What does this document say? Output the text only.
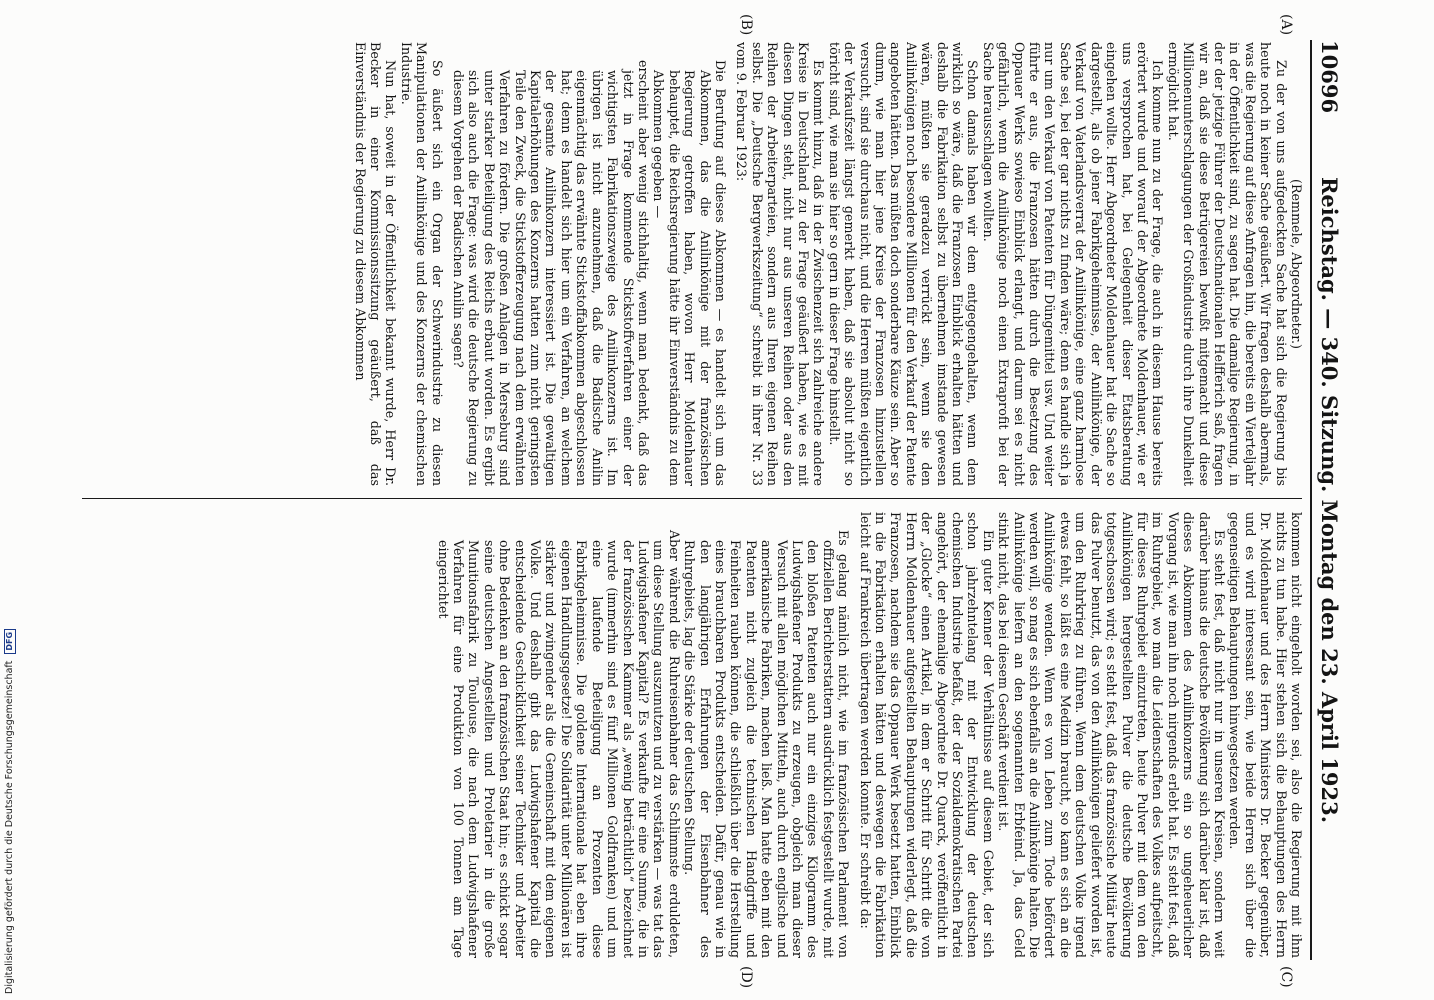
10696
Reichstag. — 340. Sitzung. Montag den 23. April 1923.
(A)
(B)
(C)
(D)

(Remmele, Abgeordneter.)

Zu der von uns aufgedeckten Sache hat sich die Regierung bis heute noch in keiner Sache geäußert. Wir fragen deshalb abermals, was die Regierung auf diese Anfragen hin, die bereits ein Vierteljahr in der Öffentlichkeit sind, zu sagen hat. Die damalige Regierung, in der der jetzige Führer der Deutschnationalen Helfferich saß, fragen wir an, daß sie diese Betrügereien bewußt mitgemacht und diese Millionenunterschlagungen der Großindustrie durch ihre Dunkelheit ermöglicht hat.

Ich komme nun zu der Frage, die auch in diesem Hause bereits erörtert wurde und worauf der Abgeordnete Moldenhauer, wie er uns versprochen hat, bei Gelegenheit dieser Etatsberatung eingehen wollte. Herr Abgeordneter Moldenhauer hat die Sache so dargestellt, als ob jener Fabrikgeheimnisse, der Anilinkönige, der Verkauf von Vaterlandsverrat der Anilinkönige, eine ganz harmlose Sache sei, bei der gar nichts zu finden wäre; denn es handle sich ja nur um den Verkauf von Patenten für Düngemittel usw. Und weiter führte er aus, die Franzosen hätten durch die Besetzung des Oppauer Werks sowieso Einblick erlangt, und darum sei es nicht gefährlich, wenn die Anilinkönige noch einen Extraprofit bei der Sache herausschlagen wollten.

Schon damals haben wir dem entgegengehalten, wenn dem wirklich so wäre, daß die Franzosen Einblick erhalten hätten und deshalb die Fabrikation selbst zu übernehmen imstande gewesen wären, müßten sie geradezu verrückt sein, wenn sie den Anilinkönigen noch besondere Millionen für den Verkauf der Patente angeboten hätten. Das müßten doch sonderbare Käuze sein. Aber so dumm, wie man hier jene Kreise der Franzosen hinzustellen versucht, sind sie durchaus nicht, und die Herren müßten eigentlich der Verkaufszeit längst gemerkt haben, daß sie absolut nicht so töricht sind, wie man sie hier so gern in dieser Frage hinstellt.

Es kommt hinzu, daß in der Zwischenzeit sich zahlreiche andere Kreise in Deutschland zu der Frage geäußert haben, wie es mit diesen Dingen steht, nicht nur aus unseren Reihen oder aus den Reihen der Arbeiterparteien, sondern aus Ihren eigenen Reihen selbst. Die „Deutsche Bergwerkszeitung“ schreibt in ihrer Nr. 33 vom 9. Februar 1923:

Die Berufung auf dieses Abkommen — es handelt sich um das Abkommen, das die Anilinkönige mit der französischen Regierung getroffen haben, wovon Herr Moldenhauer behauptet, die Reichsregierung hätte ihr Einverständnis zu dem Abkommen gegeben —

erscheint aber wenig stichhaltig, wenn man bedenkt, daß das jetzt in Frage kommende Stickstoffverfahren einer der wichtigsten Fabrikationszweige des Anilinkonzerns ist. Im übrigen ist nicht anzunehmen, daß die Badische Anilin eigenmächtig das erwähnte Stickstoffabkommen abgeschlossen hat; denn es handelt sich hier um ein Verfahren, an welchem der gesamte Anilinkonzern interessiert ist. Die gewaltigen Kapitalerhöhungen des Konzerns hatten zum nicht geringsten Teile den Zweck, die Stickstofferzeugung nach dem erwähnten Verfahren zu fördern. Die großen Anlagen in Merseburg sind unter starker Beteiligung des Reichs erbaut worden. Es ergibt sich also auch die Frage: was wird die deutsche Regierung zu diesem Vorgehen der Badischen Anilin sagen?

So äußert sich ein Organ der Schwerindustrie zu diesen Manipulationen der Anilinkönige und des Konzerns der chemischen Industrie.

Nun hat, soweit in der Öffentlichkeit bekannt wurde, Herr Dr. Becker in einer Kommissionssitzung geäußert, daß das Einverständnis der Regierung zu diesem Abkommen

kommen nicht eingeholt worden sei, also die Regierung mit ihm nichts zu tun habe. Hier stehen sich die Behauptungen des Herrn Dr. Moldenhauer und des Herrn Ministers Dr. Becker gegenüber, und es wird interessant sein, wie beide Herren sich über die gegenseitigen Behauptungen hinwegsetzen werden.

Es steht fest, daß nicht nur in unseren Kreisen, sondern weit darüber hinaus die deutsche Bevölkerung sich darüber klar ist, daß dieses Abkommen des Anilinkonzerns ein so ungeheuerlicher Vorgang ist, wie man ihn noch nirgends erlebt hat. Es steht fest, daß im Ruhrgebiet, wo man die Leidenschaften des Volkes aufpeitscht, für dieses Ruhrgebiet einzutreten, heute Pulver mit dem von den Anilinkönigen hergestellten Pulver die deutsche Bevölkerung totgeschossen wird; es steht fest, daß das französische Militär heute das Pulver benutzt, das von den Anilinkönigen geliefert worden ist, um den Ruhrkrieg zu führen. Wenn dem deutschen Volke irgend etwas fehlt, so läßt es eine Medizin braucht, so kann es sich an die Anilinkönige wenden. Wenn es von Leben zum Tode befördert werden will, so mag es sich ebenfalls an die Anilinkönige halten. Die Anilinkönige liefern an den sogenannten Erbfeind. Ja, das Geld stinkt nicht, das bei diesem Geschäft verdient ist.

Ein guter Kenner der Verhältnisse auf diesem Gebiet, der sich schon jahrzehntelang mit der Entwicklung der deutschen chemischen Industrie befaßt, der der Sozialdemokratischen Partei angehört, der ehemalige Abgeordnete Dr. Quarck, veröffentlicht in der „Glocke“ einen Artikel, in dem er Schritt für Schritt die von Herrn Moldenhauer aufgestellten Behauptungen widerlegt, daß die Franzosen, nachdem sie das Oppauer Werk besetzt hatten, Einblick in die Fabrikation erhalten hätten und deswegen die Fabrikation leicht auf Frankreich übertragen werden konnte. Er schreibt da:

Es gelang nämlich nicht, wie im französischen Parlament von offiziellen Berichterstattern ausdrücklich festgestellt wurde, mit den bloßen Patenten auch nur ein einziges Kilogramm des Ludwigshafener Produkts zu erzeugen, obgleich man dieser Versuch mit allen möglichen Mitteln, auch durch englische und amerikanische Fabriken, machen ließ. Man hatte eben mit den Patenten nicht zugleich die technischen Handgriffe und Feinheiten rauben können, die schließlich über die Herstellung eines brauchbaren Produkts entscheiden. Dafür, genau wie in den langjährigen Erfahrungen der Eisenbahner des Ruhrgebiets, lag die Stärke der deutschen Stellung.

Aber während die Ruhreisenbahner das Schlimmste erduldeten, um diese Stellung auszunutzen und zu verstärken — was tat das Ludwigshafener Kapital? Es verkaufte für eine Summe, die in der französischen Kammer als „wenig beträchtlich“ bezeichnet wurde (immerhin sind es fünf Millionen Goldfranken) und um eine laufende Beteiligung an Prozenten diese Fabrikgeheimnisse. Die goldene Internationale hat eben ihre eigenen Handlungsgesetze! Die Solidarität unter Millionären ist stärker und zwingender als die Gemeinschaft mit dem eigenen Volke. Und deshalb gibt das Ludwigshafener Kapital die entscheidende Geschicklichkeit seiner Techniker und Arbeiter ohne Bedenken an den französischen Staat hin; es schickt sogar seine deutschen Angestellten und Proletarier in die große Munitionsfabrik zu Toulouse, die nach dem Ludwigshafener Verfahren für eine Produktion von 100 Tonnen am Tage eingerichtet

Digitalisierung gefördert durch die Deutsche Forschungsgemeinschaft DFG
